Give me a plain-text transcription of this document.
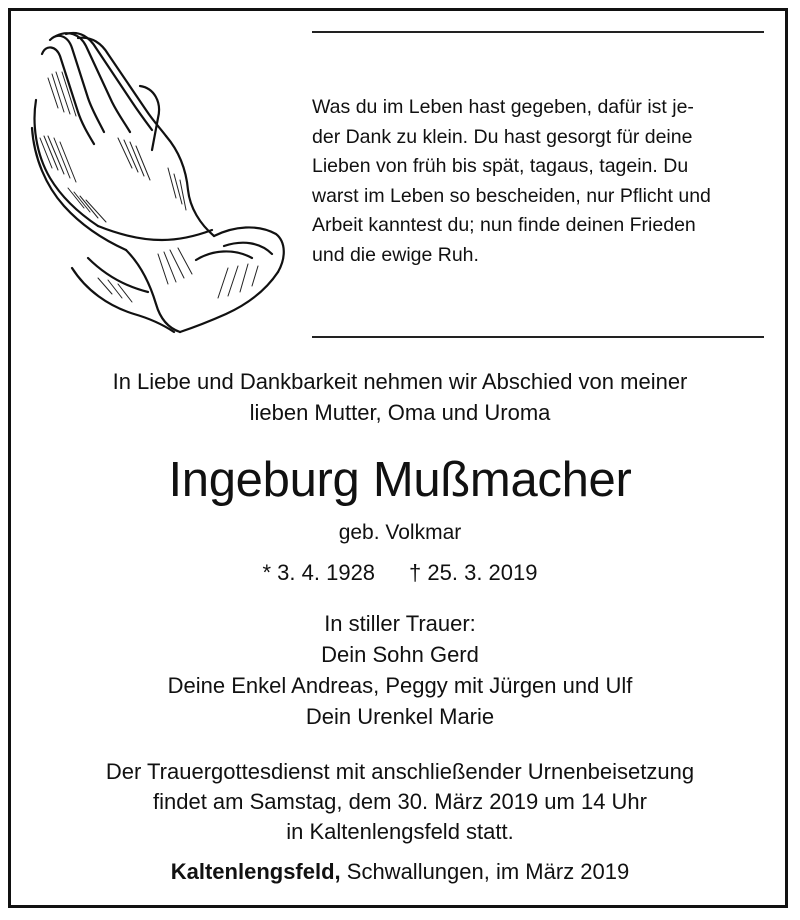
Was du im Leben hast gegeben, dafür ist je-
der Dank zu klein. Du hast gesorgt für deine
Lieben von früh bis spät, tagaus, tagein. Du
warst im Leben so bescheiden, nur Pflicht und
Arbeit kanntest du; nun finde deinen Frieden
und die ewige Ruh.
In Liebe und Dankbarkeit nehmen wir Abschied von meiner
lieben Mutter, Oma und Uroma
Ingeburg Mußmacher
geb. Volkmar
* 3. 4. 1928 † 25. 3. 2019
In stiller Trauer:
Dein Sohn Gerd
Deine Enkel Andreas, Peggy mit Jürgen und Ulf
Dein Urenkel Marie
Der Trauergottesdienst mit anschließender Urnenbeisetzung
findet am Samstag, dem 30. März 2019 um 14 Uhr
in Kaltenlengsfeld statt.
Kaltenlengsfeld, Schwallungen, im März 2019
